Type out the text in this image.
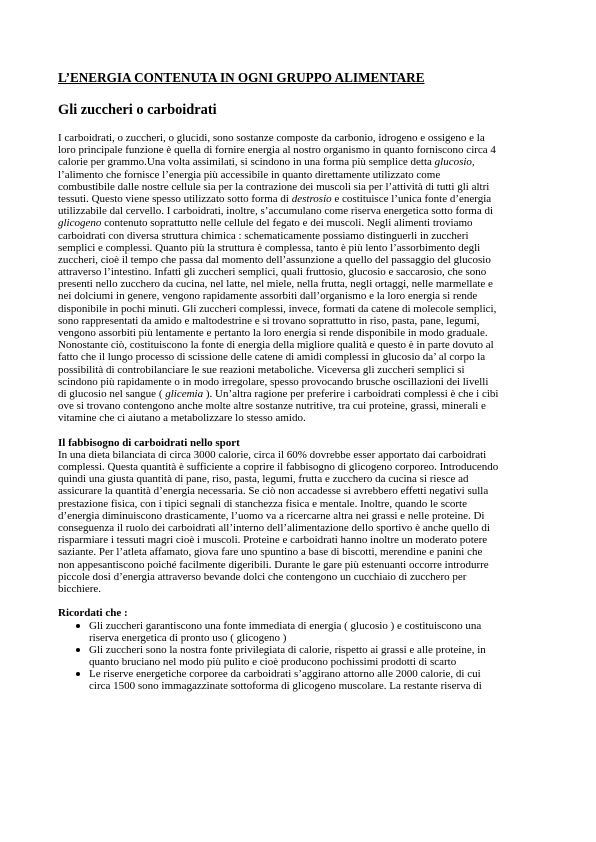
L’ENERGIA CONTENUTA IN OGNI GRUPPO ALIMENTARE
Gli zuccheri o carboidrati
I carboidrati, o zuccheri, o glucidi, sono sostanze composte da carbonio, idrogeno e ossigeno e la
loro principale funzione è quella di fornire energia al nostro organismo in quanto forniscono circa 4
calorie per grammo.Una volta assimilati, si scindono in una forma più semplice detta glucosio,
l’alimento che fornisce l’energia più accessibile in quanto direttamente utilizzato come
combustibile dalle nostre cellule sia per la contrazione dei muscoli sia per l’attività di tutti gli altri
tessuti. Questo viene spesso utilizzato sotto forma di destrosio e costituisce l’unica fonte d’energia
utilizzabile dal cervello. I carboidrati, inoltre, s’accumulano come riserva energetica sotto forma di
glicogeno contenuto soprattutto nelle cellule del fegato e dei muscoli. Negli alimenti troviamo
carboidrati con diversa struttura chimica : schematicamente possiamo distinguerli in zuccheri
semplici e complessi. Quanto più la struttura è complessa, tanto è più lento l’assorbimento degli
zuccheri, cioè il tempo che passa dal momento dell’assunzione a quello del passaggio del glucosio
attraverso l’intestino. Infatti gli zuccheri semplici, quali fruttosio, glucosio e saccarosio, che sono
presenti nello zucchero da cucina, nel latte, nel miele, nella frutta, negli ortaggi, nelle marmellate e
nei dolciumi in genere, vengono rapidamente assorbiti dall’organismo e la loro energia si rende
disponibile in pochi minuti. Gli zuccheri complessi, invece, formati da catene di molecole semplici,
sono rappresentati da amido e maltodestrine e si trovano soprattutto in riso, pasta, pane, legumi,
vengono assorbiti più lentamente e pertanto la loro energia si rende disponibile in modo graduale.
Nonostante ciò, costituiscono la fonte di energia della migliore qualità e questo è in parte dovuto al
fatto che il lungo processo di scissione delle catene di amidi complessi in glucosio da’ al corpo la
possibilità di controbilanciare le sue reazioni metaboliche. Viceversa gli zuccheri semplici si
scindono più rapidamente o in modo irregolare, spesso provocando brusche oscillazioni dei livelli
di glucosio nel sangue ( glicemia ). Un’altra ragione per preferire i carboidrati complessi è che i cibi
ove si trovano contengono anche molte altre sostanze nutritive, tra cui proteine, grassi, minerali e
vitamine che ci aiutano a metabolizzare lo stesso amido.
Il fabbisogno di carboidrati nello sport
In una dieta bilanciata di circa 3000 calorie, circa il 60% dovrebbe esser apportato dai carboidrati
complessi. Questa quantità è sufficiente a coprire il fabbisogno di glicogeno corporeo. Introducendo
quindi una giusta quantità di pane, riso, pasta, legumi, frutta e zucchero da cucina si riesce ad
assicurare la quantità d’energia necessaria. Se ciò non accadesse si avrebbero effetti negativi sulla
prestazione fisica, con i tipici segnali di stanchezza fisica e mentale. Inoltre, quando le scorte
d’energia diminuiscono drasticamente, l’uomo va a ricercarne altra nei grassi e nelle proteine. Di
conseguenza il ruolo dei carboidrati all’interno dell’alimentazione dello sportivo è anche quello di
risparmiare i tessuti magri cioè i muscoli. Proteine e carboidrati hanno inoltre un moderato potere
saziante. Per l’atleta affamato, giova fare uno spuntino a base di biscotti, merendine e panini che
non appesantiscono poiché facilmente digeribili. Durante le gare più estenuanti occorre introdurre
piccole dosi d’energia attraverso bevande dolci che contengono un cucchiaio di zucchero per
bicchiere.
Ricordati che :
Gli zuccheri garantiscono una fonte immediata di energia ( glucosio ) e costituiscono una
riserva energetica di pronto uso ( glicogeno )
Gli zuccheri sono la nostra fonte privilegiata di calorie, rispetto ai grassi e alle proteine, in
quanto bruciano nel modo più pulito e cioè producono pochissimi prodotti di scarto
Le riserve energetiche corporee da carboidrati s’aggirano attorno alle 2000 calorie, di cui
circa 1500 sono immagazzinate sottoforma di glicogeno muscolare. La restante riserva di
